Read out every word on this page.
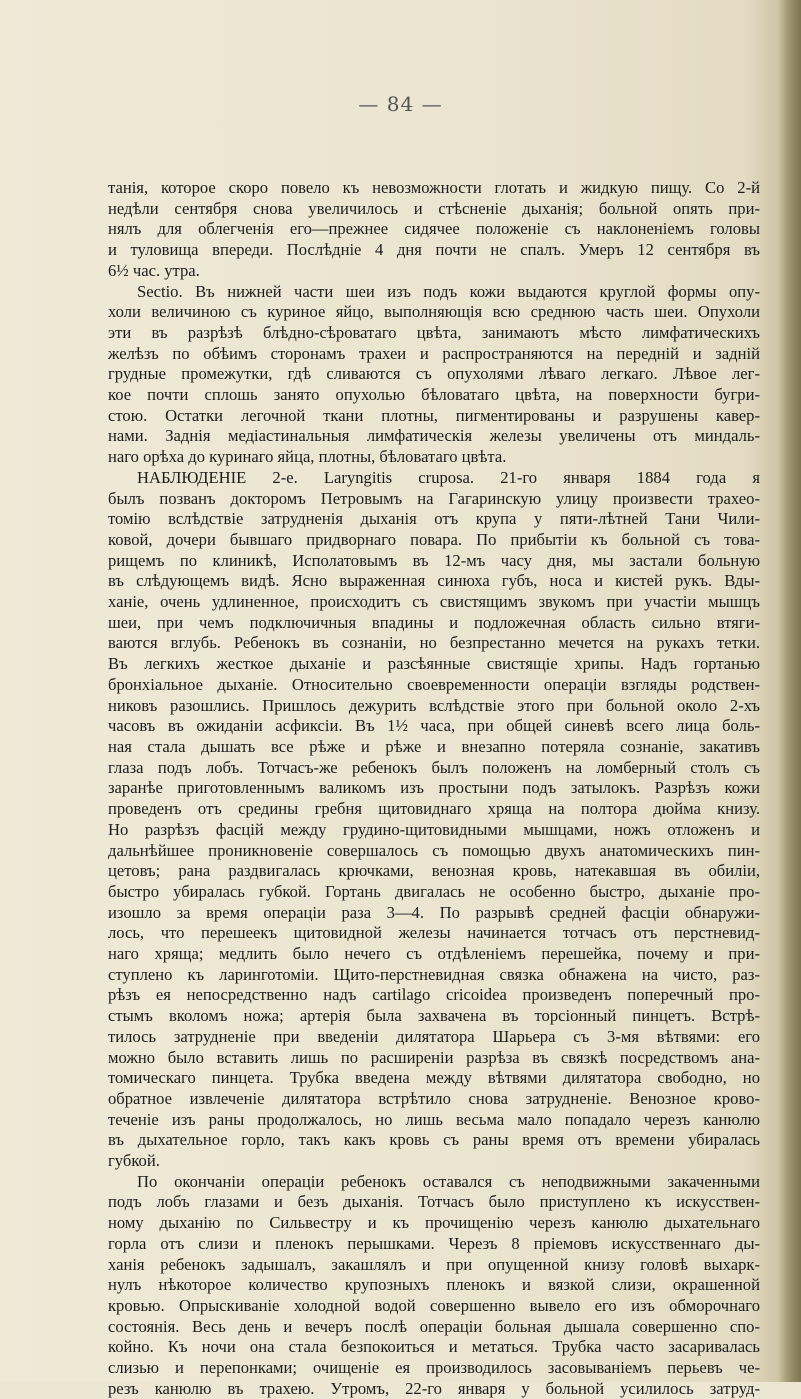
— 84 —
танія, которое скоро повело къ невозможности глотать и жидкую пищу. Со 2-й
недѣли сентября снова увеличилось и стѣсненіе дыханія; больной опять при-
нялъ для облегченія его—прежнее сидячее положеніе съ наклоненіемъ головы
и туловища впереди. Послѣдніе 4 дня почти не спалъ. Умеръ 12 сентября въ
6½ час. утра.
Sectio. Въ нижней части шеи изъ подъ кожи выдаются круглой формы опу-
холи величиною съ куриное яйцо, выполняющія всю среднюю часть шеи. Опухоли
эти въ разрѣзѣ блѣдно-сѣроватаго цвѣта, занимаютъ мѣсто лимфатическихъ
желѣзъ по обѣимъ сторонамъ трахеи и распространяются на передній и задній
грудные промежутки, гдѣ сливаются съ опухолями лѣваго легкаго. Лѣвое лег-
кое почти сплошь занято опухолью бѣловатаго цвѣта, на поверхности бугри-
стою. Остатки легочной ткани плотны, пигментированы и разрушены кавер-
нами. Заднія медіастинальныя лимфатическія железы увеличены отъ миндаль-
наго орѣха до куринаго яйца, плотны, бѣловатаго цвѣта.
НАБЛЮДЕНІЕ 2-е. Laryngitis cruposa. 21-го января 1884 года я
былъ позванъ докторомъ Петровымъ на Гагаринскую улицу произвести трахео-
томію вслѣдствіе затрудненія дыханія отъ крупа у пяти-лѣтней Тани Чили-
ковой, дочери бывшаго придворнаго повара. По прибытіи къ больной съ това-
рищемъ по клиникѣ, Исполатовымъ въ 12-мъ часу дня, мы застали больную
въ слѣдующемъ видѣ. Ясно выраженная синюха губъ, носа и кистей рукъ. Вды-
ханіе, очень удлиненное, происходитъ съ свистящимъ звукомъ при участіи мышцъ
шеи, при чемъ подключичныя впадины и подложечная область сильно втяги-
ваются вглубь. Ребенокъ въ сознаніи, но безпрестанно мечется на рукахъ тетки.
Въ легкихъ жесткое дыханіе и разсѣянные свистящіе хрипы. Надъ гортанью
бронхіальное дыханіе. Относительно своевременности операціи взгляды родствен-
никовъ разошлись. Пришлось дежурить вслѣдствіе этого при больной около 2-хъ
часовъ въ ожиданіи асфиксіи. Въ 1½ часа, при общей синевѣ всего лица боль-
ная стала дышать все рѣже и рѣже и внезапно потеряла сознаніе, закативъ
глаза подъ лобъ. Тотчасъ-же ребенокъ былъ положенъ на ломберный столъ съ
заранѣе приготовленнымъ валикомъ изъ простыни подъ затылокъ. Разрѣзъ кожи
проведенъ отъ средины гребня щитовиднаго хряща на полтора дюйма книзу.
Но разрѣзъ фасцій между грудино-щитовидными мышцами, ножъ отложенъ и
дальнѣйшее проникновеніе совершалось съ помощью двухъ анатомическихъ пин-
цетовъ; рана раздвигалась крючками, венозная кровь, натекавшая въ обиліи,
быстро убиралась губкой. Гортань двигалась не особенно быстро, дыханіе про-
изошло за время операціи раза 3—4. По разрывѣ средней фасціи обнаружи-
лось, что перешеекъ щитовидной железы начинается тотчасъ отъ перстневид-
наго хряща; медлить было нечего съ отдѣленіемъ перешейка, почему и при-
ступлено къ ларинготоміи. Щито-перстневидная связка обнажена на чисто, раз-
рѣзъ ея непосредственно надъ cartilago cricoidea произведенъ поперечный про-
стымъ вколомъ ножа; артерія была захвачена въ торсіонный пинцетъ. Встрѣ-
тилось затрудненіе при введеніи дилятатора Шарьера съ 3-мя вѣтвями: его
можно было вставить лишь по расширеніи разрѣза въ связкѣ посредствомъ ана-
томическаго пинцета. Трубка введена между вѣтвями дилятатора свободно, но
обратное извлеченіе дилятатора встрѣтило снова затрудненіе. Венозное крово-
теченіе изъ раны продолжалось, но лишь весьма мало попадало черезъ канюлю
въ дыхательное горло, такъ какъ кровь съ раны время отъ времени убиралась
губкой.
По окончаніи операціи ребенокъ оставался съ неподвижными закаченными
подъ лобъ глазами и безъ дыханія. Тотчасъ было приступлено къ искусствен-
ному дыханію по Сильвестру и къ прочищенію черезъ канюлю дыхательнаго
горла отъ слизи и пленокъ перышками. Черезъ 8 пріемовъ искусственнаго ды-
ханія ребенокъ задышалъ, закашлялъ и при опущенной книзу головѣ выхарк-
нулъ нѣкоторое количество крупозныхъ пленокъ и вязкой слизи, окрашенной
кровью. Опрыскиваніе холодной водой совершенно вывело его изъ обморочнаго
состоянія. Весь день и вечеръ послѣ операціи больная дышала совершенно спо-
койно. Къ ночи она стала безпокоиться и метаться. Трубка часто засаривалась
слизью и перепонками; очищеніе ея производилось засовываніемъ перьевъ че-
резъ канюлю въ трахею. Утромъ, 22-го января у больной усилилось затруд-
